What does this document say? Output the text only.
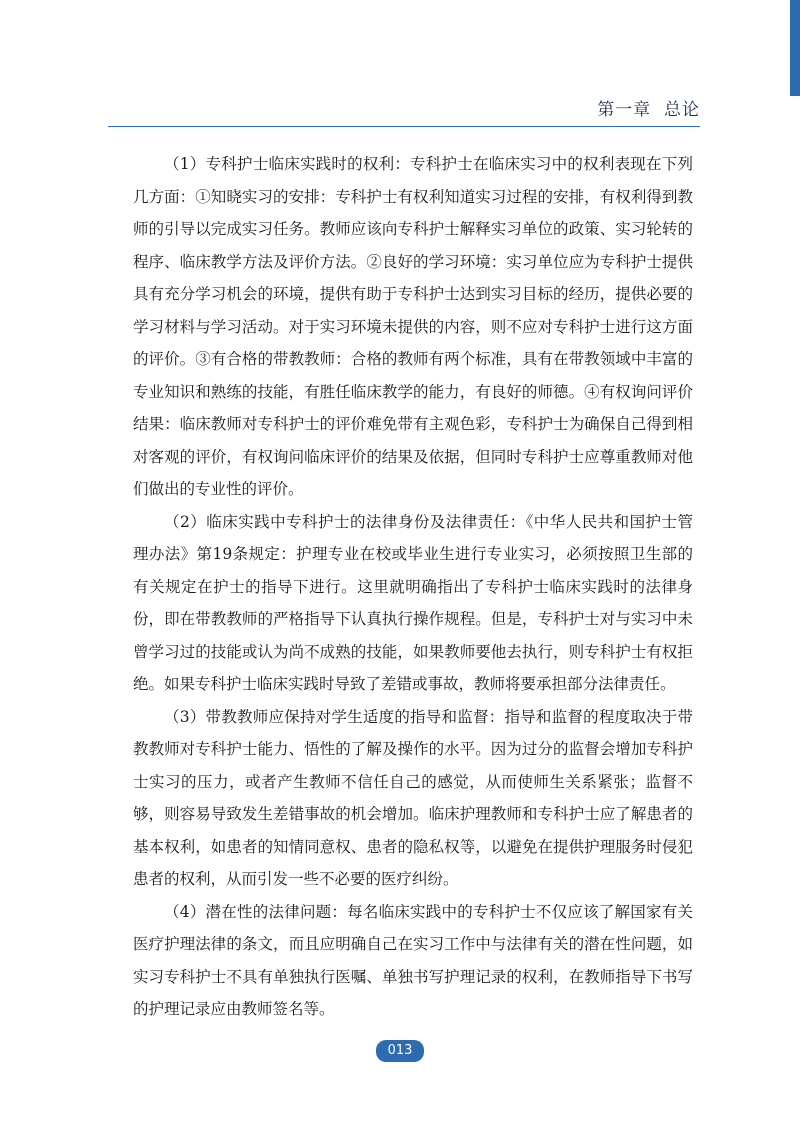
第一章  总论

（1）专科护士临床实践时的权利：专科护士在临床实习中的权利表现在下列几方面：①知晓实习的安排：专科护士有权利知道实习过程的安排，有权利得到教师的引导以完成实习任务。教师应该向专科护士解释实习单位的政策、实习轮转的程序、临床教学方法及评价方法。②良好的学习环境：实习单位应为专科护士提供具有充分学习机会的环境，提供有助于专科护士达到实习目标的经历，提供必要的学习材料与学习活动。对于实习环境未提供的内容，则不应对专科护士进行这方面的评价。③有合格的带教教师：合格的教师有两个标准，具有在带教领域中丰富的专业知识和熟练的技能，有胜任临床教学的能力，有良好的师德。④有权询问评价结果：临床教师对专科护士的评价难免带有主观色彩，专科护士为确保自己得到相对客观的评价，有权询问临床评价的结果及依据，但同时专科护士应尊重教师对他们做出的专业性的评价。

（2）临床实践中专科护士的法律身份及法律责任：《中华人民共和国护士管理办法》第19条规定：护理专业在校或毕业生进行专业实习，必须按照卫生部的有关规定在护士的指导下进行。这里就明确指出了专科护士临床实践时的法律身份，即在带教教师的严格指导下认真执行操作规程。但是，专科护士对与实习中未曾学习过的技能或认为尚不成熟的技能，如果教师要他去执行，则专科护士有权拒绝。如果专科护士临床实践时导致了差错或事故，教师将要承担部分法律责任。

（3）带教教师应保持对学生适度的指导和监督：指导和监督的程度取决于带教教师对专科护士能力、悟性的了解及操作的水平。因为过分的监督会增加专科护士实习的压力，或者产生教师不信任自己的感觉，从而使师生关系紧张；监督不够，则容易导致发生差错事故的机会增加。临床护理教师和专科护士应了解患者的基本权利，如患者的知情同意权、患者的隐私权等，以避免在提供护理服务时侵犯患者的权利，从而引发一些不必要的医疗纠纷。

（4）潜在性的法律问题：每名临床实践中的专科护士不仅应该了解国家有关医疗护理法律的条文，而且应明确自己在实习工作中与法律有关的潜在性问题，如实习专科护士不具有单独执行医嘱、单独书写护理记录的权利，在教师指导下书写的护理记录应由教师签名等。

013
